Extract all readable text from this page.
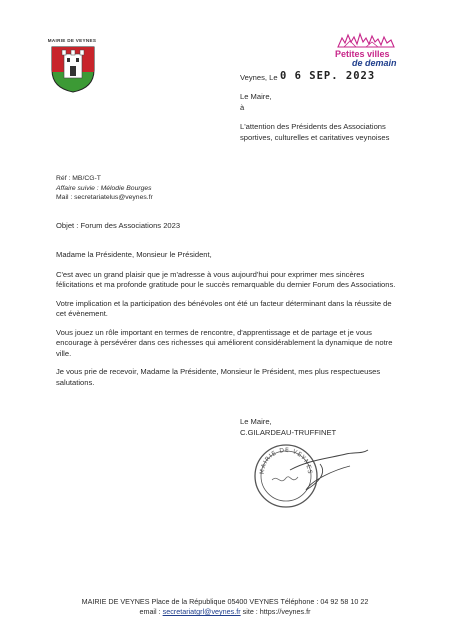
MAIRIE DE VEYNES
Petites villes
de demain
Veynes, Le 0 6 SEP. 2023
Le Maire,
à
L'attention des Présidents des Associations
sportives, culturelles et caritatives veynoises
Réf : MB/CG-T
Affaire suivie : Mélodie Bourges
Mail : secretariatelus@veynes.fr
Objet : Forum des Associations 2023

Madame la Présidente, Monsieur le Président,

C'est avec un grand plaisir que je m'adresse à vous aujourd'hui pour exprimer mes sincères félicitations et ma profonde gratitude pour le succès remarquable du dernier Forum des Associations.

Votre implication et la participation des bénévoles ont été un facteur déterminant dans la réussite de cet évènement.

Vous jouez un rôle important en termes de rencontre, d'apprentissage et de partage et je vous encourage à persévérer dans ces richesses qui améliorent considérablement la dynamique de notre ville.

Je vous prie de recevoir, Madame la Présidente, Monsieur le Président, mes plus respectueuses salutations.

Le Maire,
C.GILARDEAU-TRUFFINET
MAIRIE DE VEYNES
MAIRIE DE VEYNES Place de la République 05400 VEYNES Téléphone : 04 92 58 10 22
email : secretariatgrl@veynes.fr site : https://veynes.fr
